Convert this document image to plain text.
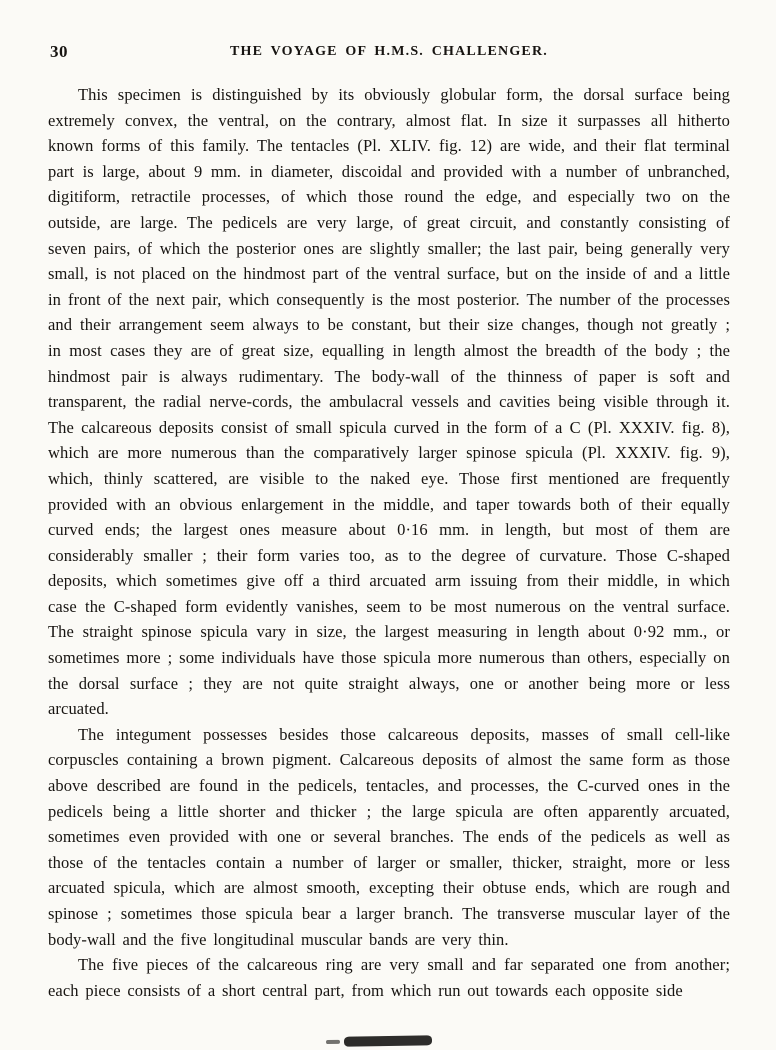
30	THE VOYAGE OF H.M.S. CHALLENGER.

This specimen is distinguished by its obviously globular form, the dorsal surface being extremely convex, the ventral, on the contrary, almost flat. In size it surpasses all hitherto known forms of this family. The tentacles (Pl. XLIV. fig. 12) are wide, and their flat terminal part is large, about 9 mm. in diameter, discoidal and provided with a number of unbranched, digitiform, retractile processes, of which those round the edge, and especially two on the outside, are large. The pedicels are very large, of great circuit, and constantly consisting of seven pairs, of which the posterior ones are slightly smaller; the last pair, being generally very small, is not placed on the hindmost part of the ventral surface, but on the inside of and a little in front of the next pair, which consequently is the most posterior. The number of the processes and their arrangement seem always to be constant, but their size changes, though not greatly ; in most cases they are of great size, equalling in length almost the breadth of the body ; the hindmost pair is always rudimentary. The body-wall of the thinness of paper is soft and transparent, the radial nerve-cords, the ambulacral vessels and cavities being visible through it. The calcareous deposits consist of small spicula curved in the form of a C (Pl. XXXIV. fig. 8), which are more numerous than the comparatively larger spinose spicula (Pl. XXXIV. fig. 9), which, thinly scattered, are visible to the naked eye. Those first mentioned are frequently provided with an obvious enlargement in the middle, and taper towards both of their equally curved ends; the largest ones measure about 0·16 mm. in length, but most of them are considerably smaller ; their form varies too, as to the degree of curvature. Those C-shaped deposits, which sometimes give off a third arcuated arm issuing from their middle, in which case the C-shaped form evidently vanishes, seem to be most numerous on the ventral surface. The straight spinose spicula vary in size, the largest measuring in length about 0·92 mm., or sometimes more ; some individuals have those spicula more numerous than others, especially on the dorsal surface ; they are not quite straight always, one or another being more or less arcuated.

The integument possesses besides those calcareous deposits, masses of small cell-like corpuscles containing a brown pigment. Calcareous deposits of almost the same form as those above described are found in the pedicels, tentacles, and processes, the C-curved ones in the pedicels being a little shorter and thicker ; the large spicula are often apparently arcuated, sometimes even provided with one or several branches. The ends of the pedicels as well as those of the tentacles contain a number of larger or smaller, thicker, straight, more or less arcuated spicula, which are almost smooth, excepting their obtuse ends, which are rough and spinose ; sometimes those spicula bear a larger branch. The transverse muscular layer of the body-wall and the five longitudinal muscular bands are very thin.

The five pieces of the calcareous ring are very small and far separated one from another; each piece consists of a short central part, from which run out towards each opposite side
